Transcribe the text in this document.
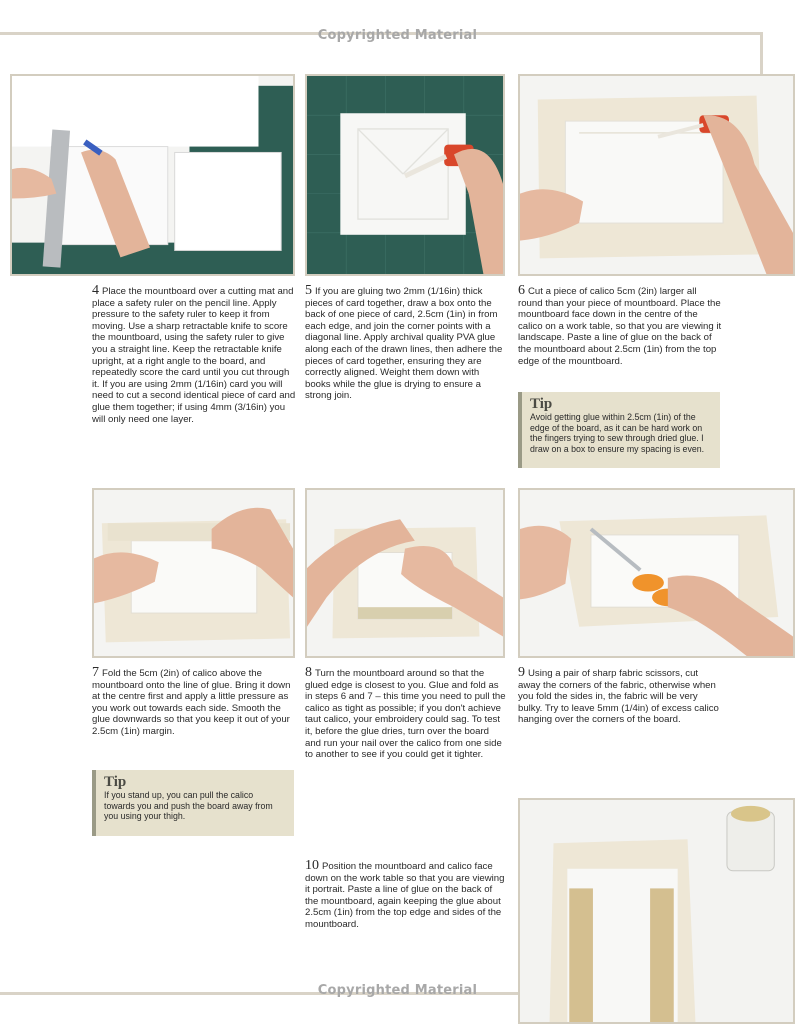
Copyrighted Material
Copyrighted Material
4 Place the mountboard over a cutting mat and place a safety ruler on the pencil line. Apply pressure to the safety ruler to keep it from moving. Use a sharp retractable knife to score the mountboard, using the safety ruler to give you a straight line. Keep the retractable knife upright, at a right angle to the board, and repeatedly score the card until you cut through it. If you are using 2mm (1/16in) card you will need to cut a second identical piece of card and glue them together; if using 4mm (3/16in) you will only need one layer.
5 If you are gluing two 2mm (1/16in) thick pieces of card together, draw a box onto the back of one piece of card, 2.5cm (1in) in from each edge, and join the corner points with a diagonal line. Apply archival quality PVA glue along each of the drawn lines, then adhere the pieces of card together, ensuring they are correctly aligned. Weight them down with books while the glue is drying to ensure a strong join.
6 Cut a piece of calico 5cm (2in) larger all round than your piece of mountboard. Place the mountboard face down in the centre of the calico on a work table, so that you are viewing it landscape. Paste a line of glue on the back of the mountboard about 2.5cm (1in) from the top edge of the mountboard.
Tip
Avoid getting glue within 2.5cm (1in) of the edge of the board, as it can be hard work on the fingers trying to sew through dried glue. I draw on a box to ensure my spacing is even.
7 Fold the 5cm (2in) of calico above the mountboard onto the line of glue. Bring it down at the centre first and apply a little pressure as you work out towards each side. Smooth the glue downwards so that you keep it out of your 2.5cm (1in) margin.
8 Turn the mountboard around so that the glued edge is closest to you. Glue and fold as in steps 6 and 7 – this time you need to pull the calico as tight as possible; if you don't achieve taut calico, your embroidery could sag. To test it, before the glue dries, turn over the board and run your nail over the calico from one side to another to see if you could get it tighter.
9 Using a pair of sharp fabric scissors, cut away the corners of the fabric, otherwise when you fold the sides in, the fabric will be very bulky. Try to leave 5mm (1/4in) of excess calico hanging over the corners of the board.
Tip
If you stand up, you can pull the calico towards you and push the board away from you using your thigh.
10 Position the mountboard and calico face down on the work table so that you are viewing it portrait. Paste a line of glue on the back of the mountboard, again keeping the glue about 2.5cm (1in) from the top edge and sides of the mountboard.
